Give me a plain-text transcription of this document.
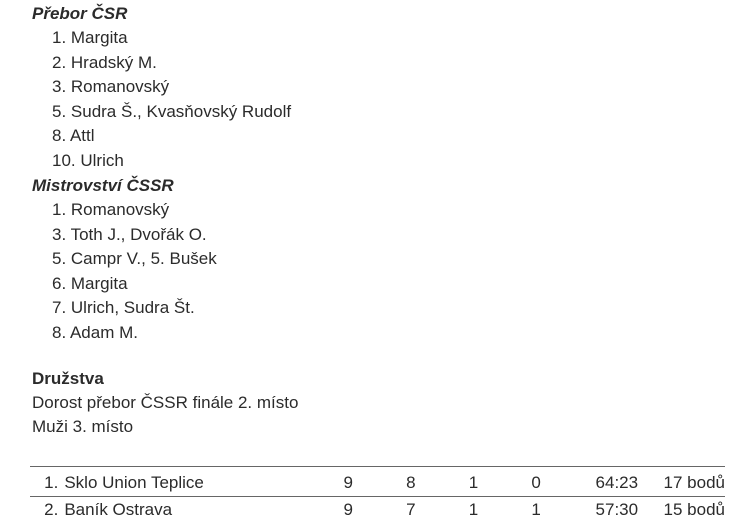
Přebor ČSR

1. Margita
2. Hradský M.
3. Romanovský
5. Sudra Š., Kvasňovský Rudolf
8. Attl
10. Ulrich

Mistrovství ČSSR

1. Romanovský
3. Toth J., Dvořák O.
5. Campr V., 5. Bušek
6. Margita
7. Ulrich, Sudra Št.
8. Adam M.

Družstva

Dorost přebor ČSSR finále 2. místo

Muži 3. místo

1.	Sklo Union Teplice	9	8	1	0	64:23	17 bodů
2.	Baník Ostrava	9	7	1	1	57:30	15 bodů
